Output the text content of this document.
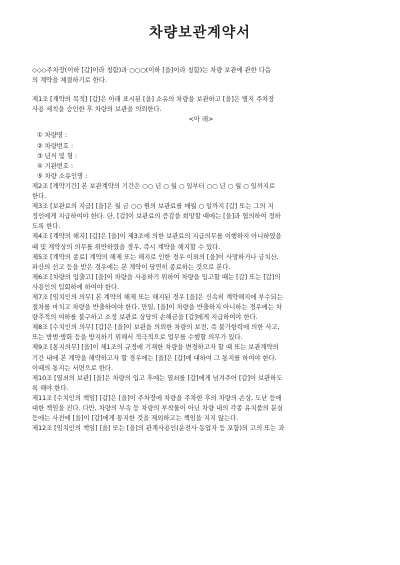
차량보관계약서
◇◇◇주차장(이하 [갑]이라 칭함)과 ○○○(이하 [을]이라 칭함)는 차량 보관에 관한 다음
의 계약을 체결하기로 한다.
제1조 [계약의 목적] [갑]은 아래 표시된 [을] 소유의 차량을 보관하고 [을]은 별지 주차장
사용 세칙을 승인한 후 차량의 보관을 의뢰한다.
<아 래>
① 차량명 :
② 차량번호 :
③ 년식 및 형 :
④ 기관번호 :
⑤ 차량 소유인명 :
제2조 [계약기간] 본 보관계약의 기간은 ○○ 년 ○ 월 ○ 일부터 ○○ 년 ○ 월 ○ 일까지로
한다.
제3조 [보관료의 지급] [을]은 월 금 ○○ 원의 보관료를 매월 ○ 일까지 [갑] 또는 그의 지
정인에게 지급하여야 한다. 단, [갑]이 보관료의 증감을 희망할 때에는 [을]과 협의하여 정하
도록 한다.
제4조 [계약의 해지] [갑]은 [을]이 제3조에 의한 보관료의 지급의무를 이행하지 아니하였을
때 및 계약상의 의무를 위반하였을 경우, 즉시 계약을 해지할 수 있다.
제5조 [계약의 종료] 계약의 해제 또는 해지로 인한 경우 이외의 [을]이 사망하거나 금치산,
파산의 선고 등을 받은 경우에는 본 계약이 당연히 종료하는 것으로 본다.
제6조 [차량의 입출고] [을]이 차량을 사용하기 위하여 차량을 입고할 때는 [갑] 또는 [갑]의
사용인의 입회하에 하여야 한다.
제7조 [임치인의 의무] 본 계약의 해제 또는 해지된 경우 [을]은 신속히 계약해지에 부수되는
절차를 마치고 차량을 반출하여야 한다. 만일, [을]이 차량을 반출하지 아니하는 경우에는 차
량추적의 여하를 불구하고 소정 보관료 상당의 손해금을 [갑]에게 지급하여야 한다.
제8조 [수치인의 의무] [갑]은 [을]이 보관을 의뢰한 차량의 보전, 즉 불가항력에 의한 사고,
또는 방범·방화 등을 방지하기 위해서 적극적으로 업무를 수행할 의무가 있다.
제9조 [통지의무] [을]이 제1조의 규정에 기재한 차량을 변경하고자 할 때 또는 보관계약의
기간 내에 본 계약을 해약하고자 할 경우에는 [을]은 [갑]에 대하여 그 통지를 하여야 한다.
이때의 통지는 서면으로 한다.
제10조 [열쇠의 보관] [을]은 차량의 입고 후에는 열쇠를 [갑]에게 넘겨주어 [갑]이 보관하도
록 해야 한다.
제11조 [수치인의 책임] [갑]은 [을]이 주차장에 차량을 주차한 후의 차량의 손상, 도난 등에
대한 책임을 진다. 다만, 차량의 부속 등 차량의 부착물이 아닌 차량 내의 각종 유치품의 분실
등에는 사전에 [을]이 [갑]에게 통지한 것을 제외하고는 책임을 지지 않는다.
제12조 [임치인의 책임] [을] 또는 [을]의 관계사용인(운전사·동업자 등 포함)의 고의 또는 과
